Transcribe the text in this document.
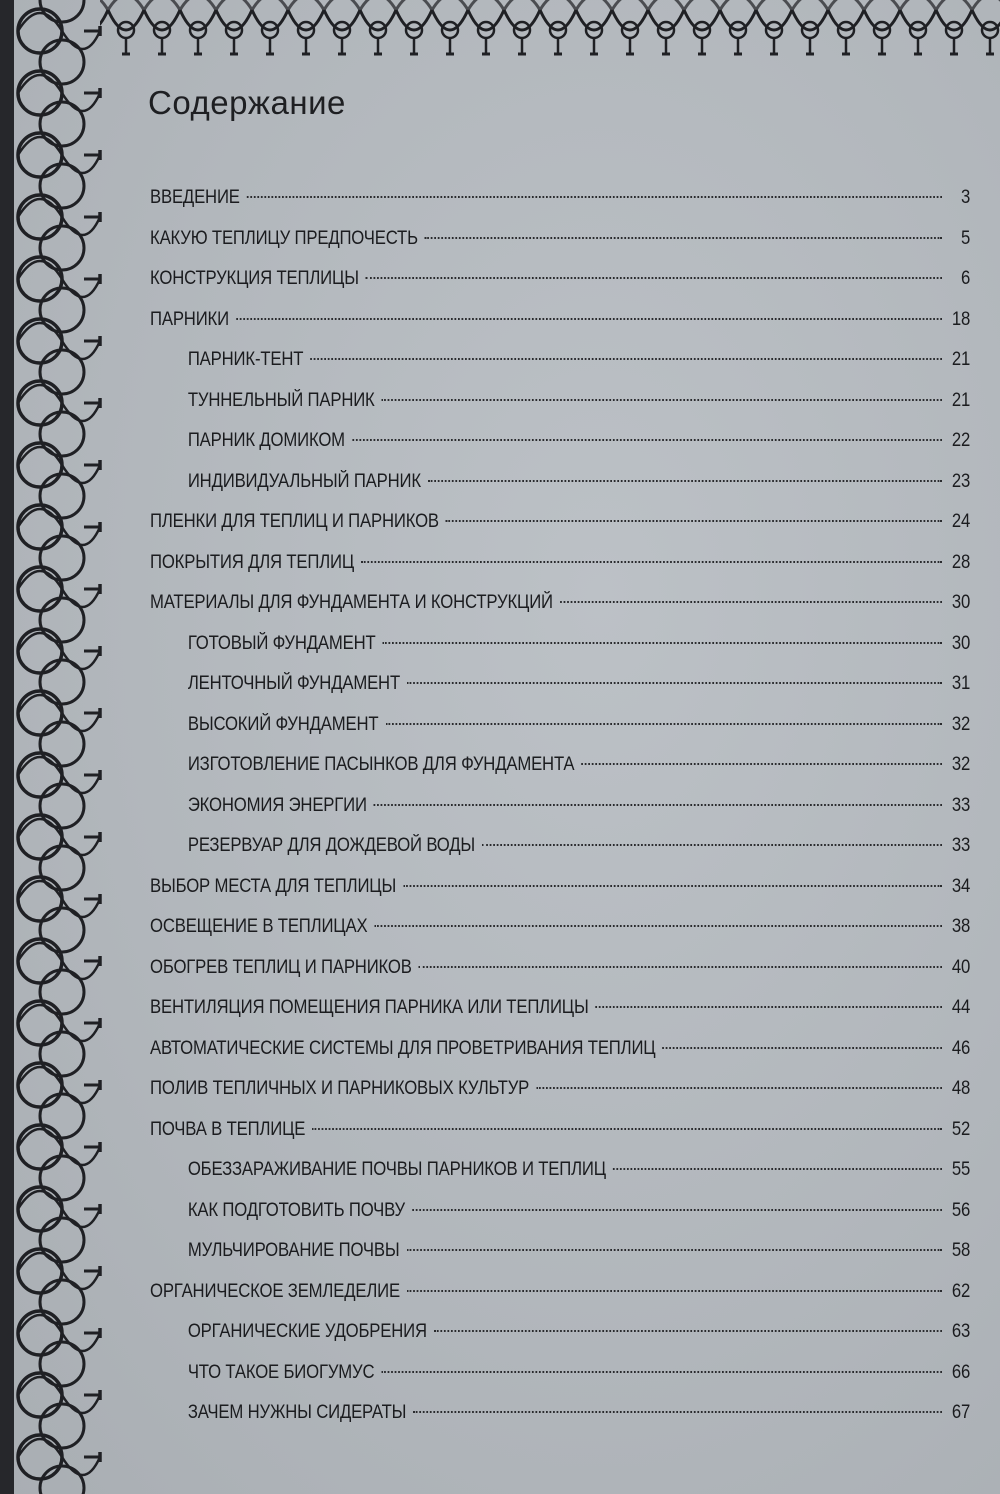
Содержание
ВВЕДЕНИЕ	3
КАКУЮ ТЕПЛИЦУ ПРЕДПОЧЕСТЬ	5
КОНСТРУКЦИЯ ТЕПЛИЦЫ	6
ПАРНИКИ	18
ПАРНИК-ТЕНТ	21
ТУННЕЛЬНЫЙ ПАРНИК	21
ПАРНИК ДОМИКОМ	22
ИНДИВИДУАЛЬНЫЙ ПАРНИК	23
ПЛЕНКИ ДЛЯ ТЕПЛИЦ И ПАРНИКОВ	24
ПОКРЫТИЯ ДЛЯ ТЕПЛИЦ	28
МАТЕРИАЛЫ ДЛЯ ФУНДАМЕНТА И КОНСТРУКЦИЙ	30
ГОТОВЫЙ ФУНДАМЕНТ	30
ЛЕНТОЧНЫЙ ФУНДАМЕНТ	31
ВЫСОКИЙ ФУНДАМЕНТ	32
ИЗГОТОВЛЕНИЕ ПАСЫНКОВ ДЛЯ ФУНДАМЕНТА	32
ЭКОНОМИЯ ЭНЕРГИИ	33
РЕЗЕРВУАР ДЛЯ ДОЖДЕВОЙ ВОДЫ	33
ВЫБОР МЕСТА ДЛЯ ТЕПЛИЦЫ	34
ОСВЕЩЕНИЕ В ТЕПЛИЦАХ	38
ОБОГРЕВ ТЕПЛИЦ И ПАРНИКОВ	40
ВЕНТИЛЯЦИЯ ПОМЕЩЕНИЯ ПАРНИКА ИЛИ ТЕПЛИЦЫ	44
АВТОМАТИЧЕСКИЕ СИСТЕМЫ ДЛЯ ПРОВЕТРИВАНИЯ ТЕПЛИЦ	46
ПОЛИВ ТЕПЛИЧНЫХ И ПАРНИКОВЫХ КУЛЬТУР	48
ПОЧВА В ТЕПЛИЦЕ	52
ОБЕЗЗАРАЖИВАНИЕ ПОЧВЫ ПАРНИКОВ И ТЕПЛИЦ	55
КАК ПОДГОТОВИТЬ ПОЧВУ	56
МУЛЬЧИРОВАНИЕ ПОЧВЫ	58
ОРГАНИЧЕСКОЕ ЗЕМЛЕДЕЛИЕ	62
ОРГАНИЧЕСКИЕ УДОБРЕНИЯ	63
ЧТО ТАКОЕ БИОГУМУС	66
ЗАЧЕМ НУЖНЫ СИДЕРАТЫ	67
